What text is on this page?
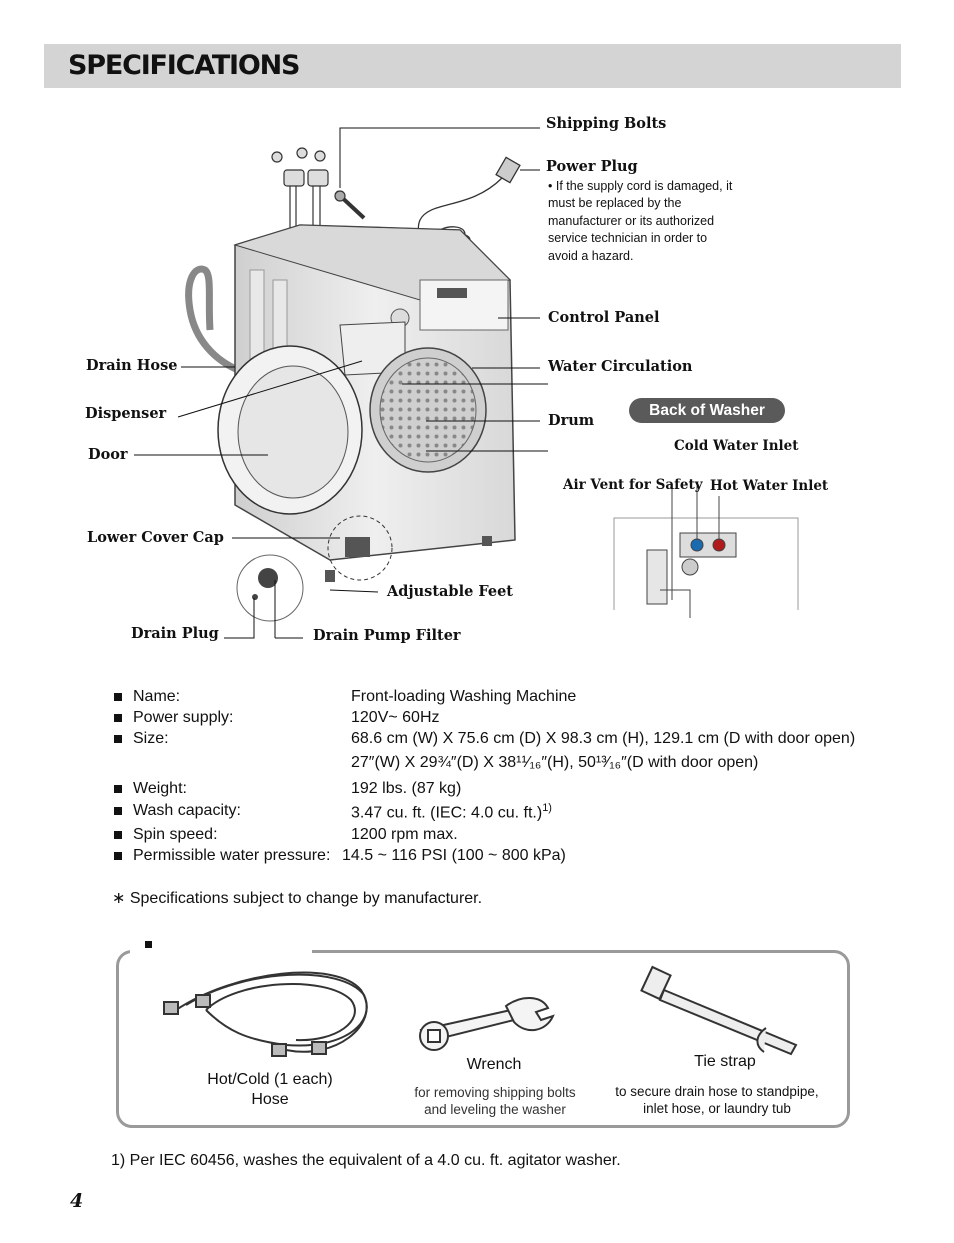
SPECIFICATIONS
Shipping Bolts
Power Plug
• If the supply cord is damaged, it must be replaced by the manufacturer or its authorized service technician in order to avoid a hazard.
Control Panel
Water Circulation
Drum
Drain Hose
Dispenser
Door
Lower Cover Cap
Adjustable Feet
Drain Plug	Drain Pump Filter
Back of Washer
Cold Water Inlet
Air Vent for Safety Hot Water Inlet
Name:	Front-loading Washing Machine
Power supply:	120V~ 60Hz
Size:	68.6 cm (W) X 75.6 cm (D) X 98.3 cm (H), 129.1 cm (D with door open)
27″(W) X 29¾″(D) X 38¹¹⁄₁₆″(H), 50¹³⁄₁₆″(D with door open)
Weight:	192 lbs. (87 kg)
Wash capacity:	3.47 cu. ft. (IEC: 4.0 cu. ft.)$^{1)}$
Spin speed:	1200 rpm max.
Permissible water pressure: 14.5 ~ 116 PSI (100 ~ 800 kPa)
∗ Specifications subject to change by manufacturer.
Hot/Cold (1 each)
Hose
Wrench
for removing shipping bolts
and leveling the washer
Tie strap
to secure drain hose to standpipe,
inlet hose, or laundry tub
1) Per IEC 60456, washes the equivalent of a 4.0 cu. ft. agitator washer.
4
